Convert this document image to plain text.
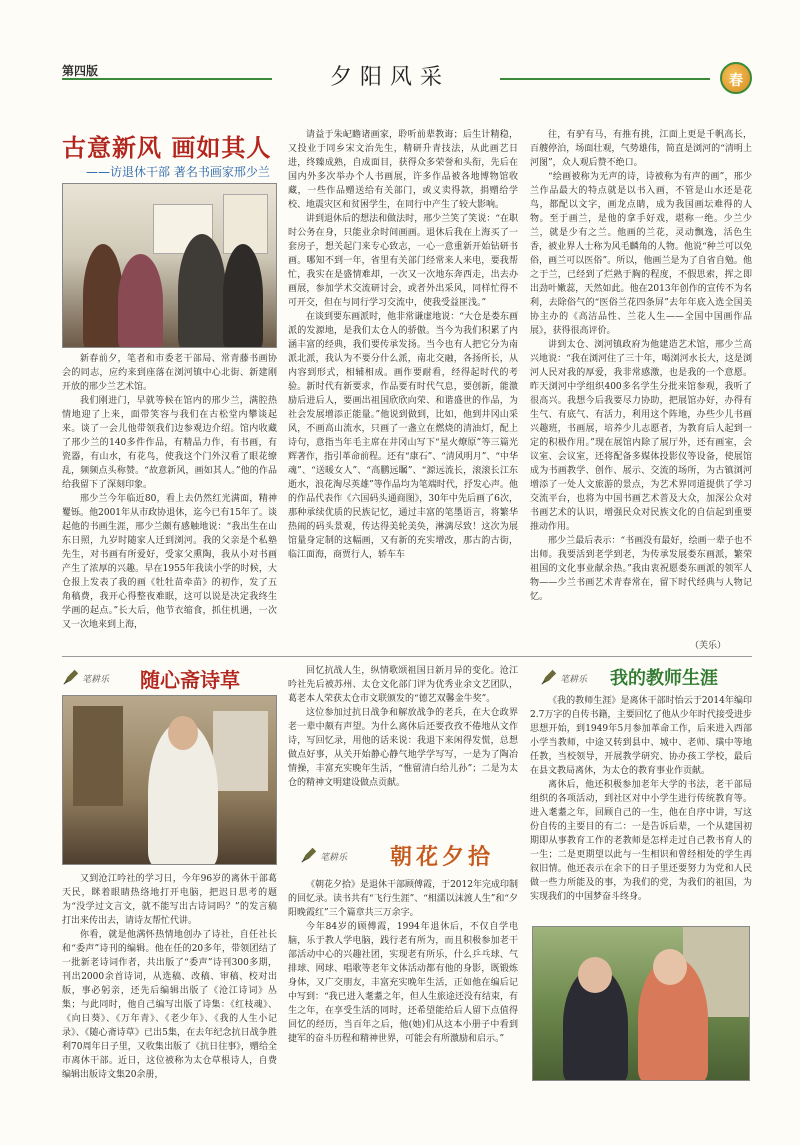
第四版	夕阳风采	春
古意新风 画如其人
——访退休干部 著名书画家邢少兰

新春前夕，笔者和市委老干部局、常青藤书画协会的同志，应约来到座落在浏河镇中心北街、新建刚开放的邢少兰艺术馆。

我们刚进门，早就等候在馆内的邢少兰，满腔热情地迎了上来，面带笑容与我们在古松堂内攀谈起来。谈了一会儿他带领我们边参观边介绍。馆内收藏了邢少兰的140多件作品，有精品力作，有书画，有瓷器，有山水，有花鸟，使我这个门外汉看了眼花缭乱，频频点头称赞。“故意新风，画如其人。”他的作品给我留下了深刻印象。

邢少兰今年临近80，看上去仍然红光满面，精神矍铄。他2001年从市政协退休，迄今已有15年了。谈起他的书画生涯，邢少兰颇有感触地说：“我出生在山东日照，九岁时随家人迁到浏河。我的父亲是个私塾先生，对书画有所爱好，受家父熏陶，我从小对书画产生了浓厚的兴趣。早在1955年我读小学的时候，大仓报上发表了我的画《牡牡苗牵苗》的初作，发了五角稿费，我开心得整夜难眠，这可以说是决定我终生学画的起点。”长大后，他节衣缩食，抓住机遇，一次又一次地来到上海，

请益于朱屺瞻诸画家，聆听前辈教诲；后生计精稳，又投业于同乡宋文治先生，精研升青技法，从此画艺日进，终臻成熟，自成面目，获得众多荣誉和头衔，先后在国内外多次举办个人书画展，许多作品被各地博物馆收藏，一些作品赠送给有关部门，或义卖得款，捐赠给学校、地震灾区和贫困学生，在同行中产生了较大影响。

讲到退休后的想法和做法时，邢少兰笑了笑说：“在职时公务在身，只能业余时间画画。退休后我在上海买了一套房子，想关起门来专心致志，一心一意重新开始钻研书画。哪知不到一年，省里有关部门经常来人来电，要我帮忙，我实在是盛情难却，一次又一次地东奔西走，出去办画展，参加学术交流研讨会，或者外出采风，同样忙得不可开交，但在与同行学习交流中，使我受益匪浅。”

在谈到要东画派时，他非常谦虚地说：“大仓是娄东画派的发源地，是我们太仓人的骄傲。当今为我们积累了内涵丰富的经典，我们要传承发扬。当今也有人把它分为南派北派，我认为不要分什么派，南北交融，各扬所长，从内容到形式，相辅相成。画作要耐看，经得起时代的考验。新时代有新要求，作品要有时代气息，要创新，能激励后进后人，要画出祖国欣欣向荣、和谐盛世的作品，为社会发展增添正能量。”他说到做到，比如，他到井冈山采风，不画高山流水，只画了一盏立在燃烧的清油灯，配上诗句，意指当年毛主席在井冈山写下“星火燎原”等三篇光辉著作，指引革命前程。还有“康石”、“清风明月”、“中华魂”、“送暖女人”、“高鹏远瞩”、“源远流长，滚滚长江东逝水，浪花淘尽英雄”等作品均为笔端时代，抒发心声。他的作品代表作《六国码头通商图》，30年中先后画了6次，那种承续优质的民族记忆，通过丰富的笔墨语言，将繁华热闹的码头景观，传达得美轮美奂，淋漓尽致！这次为展馆量身定制的这幅画，又有新的充实增改，那古韵古街，临江面海，商贾行人，轿车车

往，有驴有马，有推有挑，江面上更是千帆高长，百艘停泊，场面壮观，气势雄伟，简直是浏河的“清明上河图”，众人观后赞不绝口。

“绘画被称为无声的诗，诗被称为有声的画”，邢少兰作品最大的特点就是以书入画，不管是山水还是花鸟，都配以文字，画龙点睛，成为我国画坛难得的人物。至于画兰，是他的拿手好戏，堪称一绝。少兰少兰，就是少有之兰。他画的兰花，灵动飘逸，活色生香，被业界人士称为风毛麟角的人物。他说“种兰可以免俗，画兰可以医俗”。所以，他画兰是为了自省自勉。他之于兰，已经到了烂熟于胸的程度，不假思索，挥之即出劲叶嫩蕊，天然如此。他在2013年创作的宣传不为名利，去除俗气的“医俗兰花四条屏”去年年底入选全国美协主办的《高洁品性、兰花人生——全国中国画作品展》，获得很高评价。

讲到太仓、浏河镇政府为他建造艺术馆，邢少兰高兴地说：“我在浏河住了三十年，喝浏河水长大，这是浏河人民对我的厚爱，我非常感激，也是我的一个意愿。昨天浏河中学组织400多名学生分批来馆参观，我听了很高兴。我想今后我要尽力协助，把展馆办好，办得有生气、有底气、有活力，利用这个阵地，办些少儿书画兴趣班，书画展，培养少儿志愿者，为教育后人起到一定的积极作用。”现在展馆内除了展厅外，还有画室，会议室、会议室，还将配备多媒体投影仪等设备，使展馆成为书画教学、创作、展示、交流的场所，为古镇浏河增添了一处人文旅游的景点，为艺术界同道提供了学习交流平台，也将为中国书画艺术普及大众，加深公众对书画艺术的认识，增强民众对民族文化的自信起到重要推动作用。

邢少兰最后表示：“书画没有最好，绘画一辈子也不出师。我要活到老学到老，为传承发展娄东画派，繁荣祖国的文化事业献余热。”我由衷祝愿娄东画派的领军人物——少兰书画艺术青春常在，留下时代经典与人物记忆。

（芙乐）
笔耕乐 随心斋诗草

又到沧江吟社的学习日，今年96岁的离休干部葛天民，眯着眼睛热络地打开电脑，把迟日思考的题为“没学过文言文，就不能写出古诗词吗？”的发言稿打出来传出去，请诗友帮忙代讲。

你看，就是他满怀热情地创办了诗社，自任社长和“委声”诗刊的编辑。他在任的20多年，带领团结了一批新老诗词作者，共出版了“委声”诗刊300多期，刊出2000余首诗词，从选稿、改稿、审稿、校对出版，事必躬亲，还先后编辑出版了《沧江诗词》丛集；与此同时，他自己编写出版了诗集：《红枝魂》、《向日葵》、《万年青》、《老少年》、《我的人生小记录》、《随心斋诗草》已出5集，在去年纪念抗日战争胜利70周年日子里，又收集出版了《抗日往事》，赠给全市离休干部。近日，这位被称为太仓草根诗人，自费编辑出版诗文集20余册，

回忆抗战人生，纵情歌颂祖国日新月异的变化。沧江吟社先后被苏州、太仓文化部门评为优秀业余文艺团队，葛老本人荣获太仓市文联颁发的“德艺双馨金牛奖”。

这位参加过抗日战争和解放战争的老兵，在大仓政界老一辈中颇有声望。为什么离休后还要孜孜不倦地从文作诗，写回忆录，用他的话来说：我退下来闲得发慌，总想做点好事，从关开始静心静气地学学写写，一是为了陶冶情操，丰富充实晚年生活，“惟留清白给儿孙”；二是为太仓的精神文明建设做点贡献。

笔耕乐 朝花夕拾

《朝花夕拾》是退休干部顾傅霞，于2012年完成印制的回忆录。读书共有“飞行生涯”、“相濡以沫渡人生”和“夕阳晚霞红”三个篇章共三万余字。

今年84岁的顾傅霞，1994年退休后，不仅自学电脑，乐于教人学电脑，践行老有所为，而且积极参加老干部活动中心的兴趣社团，实现老有所乐，什么乒乓球、气排球、网球、唱歌等老年文体活动都有他的身影，既锻炼身体，又广交朋友，丰富充实晚年生活，正如他在编后记中写到：“我已进入耄耋之年，但人生旅途还没有结束，有生之年，在享受生活的同时，还希望能给后人留下点值得回忆的经历，当百年之后，他(她)们从这本小册子中看到捷军的奋斗历程和精神世界，可能会有所激励和启示。”

笔耕乐 我的教师生涯

《我的教师生涯》是离休干部时怡云于2014年编印2.7万字的自传书籍，主要回忆了他从少年时代接受进步思想开始，到1949年5月参加革命工作，后来进入西部小学当教师，中途又转到县中、城中、老师、璜中等地任教，当校领导，开展教学研究、协办孩工学校，最后在县文教局离休，为太仓的教育事业作贡献。

离休后，他还积极参加老年大学的书法，老干部局组织的各项活动，到社区对中小学生进行传统教育等。进入耄耋之年，回顾自己的一生，他在自序中讲，写这份自传的主要目的有二：一是告诉后辈，一个从建国初期即从事教育工作的老教师是怎样走过自己教书育人的一生；二是更期望以此与一生相识和曾经相处的学生再叙旧情。他还表示在余下的日子里还要努力为党和人民做一些力所能及的事，为我们的党，为我们的祖国，为实现我们的中国梦奋斗终身。
